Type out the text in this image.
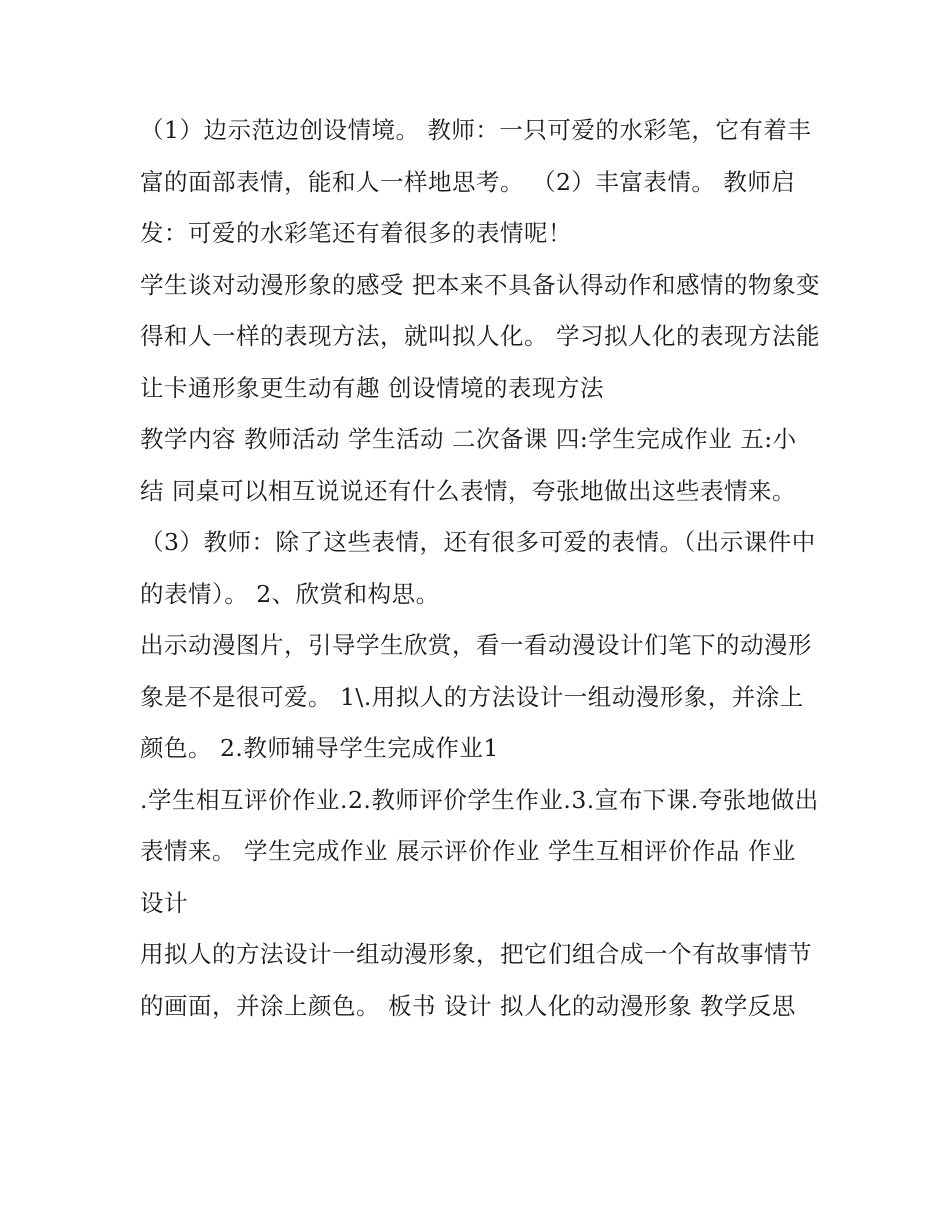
（1）边示范边创设情境。 教师：一只可爱的水彩笔，它有着丰富的面部表情，能和人一样地思考。 （2）丰富表情。 教师启发：可爱的水彩笔还有着很多的表情呢！

学生谈对动漫形象的感受 把本来不具备认得动作和感情的物象变得和人一样的表现方法，就叫拟人化。 学习拟人化的表现方法能让卡通形象更生动有趣 创设情境的表现方法

教学内容 教师活动 学生活动 二次备课 四:学生完成作业 五:小结 同桌可以相互说说还有什么表情，夸张地做出这些表情来。

（3）教师：除了这些表情，还有很多可爱的表情。（出示课件中的表情）。 2、欣赏和构思。

出示动漫图片，引导学生欣赏，看一看动漫设计们笔下的动漫形象是不是很可爱。 1\.用拟人的方法设计一组动漫形象，并涂上颜色。 2.教师辅导学生完成作业1

.学生相互评价作业.2.教师评价学生作业.3.宣布下课.夸张地做出表情来。 学生完成作业 展示评价作业 学生互相评价作品 作业 设计

用拟人的方法设计一组动漫形象，把它们组合成一个有故事情节的画面，并涂上颜色。 板书 设计 拟人化的动漫形象 教学反思
